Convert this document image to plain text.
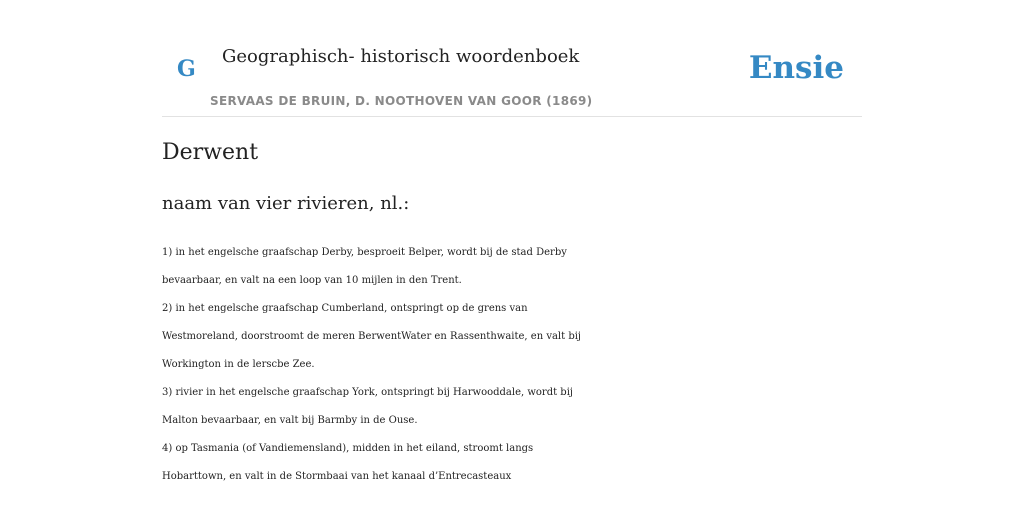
G Geographisch- historisch woordenboek
SERVAAS DE BRUIN, D. NOOTHOVEN VAN GOOR (1869)
Ensie
Derwent

naam van vier rivieren, nl.:

1) in het engelsche graafschap Derby, besproeit Belper, wordt bij de stad Derby
bevaarbaar, en valt na een loop van 10 mijlen in den Trent.
2) in het engelsche graafschap Cumberland, ontspringt op de grens van
Westmoreland, doorstroomt de meren BerwentWater en Rassenthwaite, en valt bij
Workington in de lerscbe Zee.
3) rivier in het engelsche graafschap York, ontspringt bij Harwooddale, wordt bij
Malton bevaarbaar, en valt bij Barmby in de Ouse.
4) op Tasmania (of Vandiemensland), midden in het eiland, stroomt langs
Hobarttown, en valt in de Stormbaai van het kanaal d’Entrecasteaux
